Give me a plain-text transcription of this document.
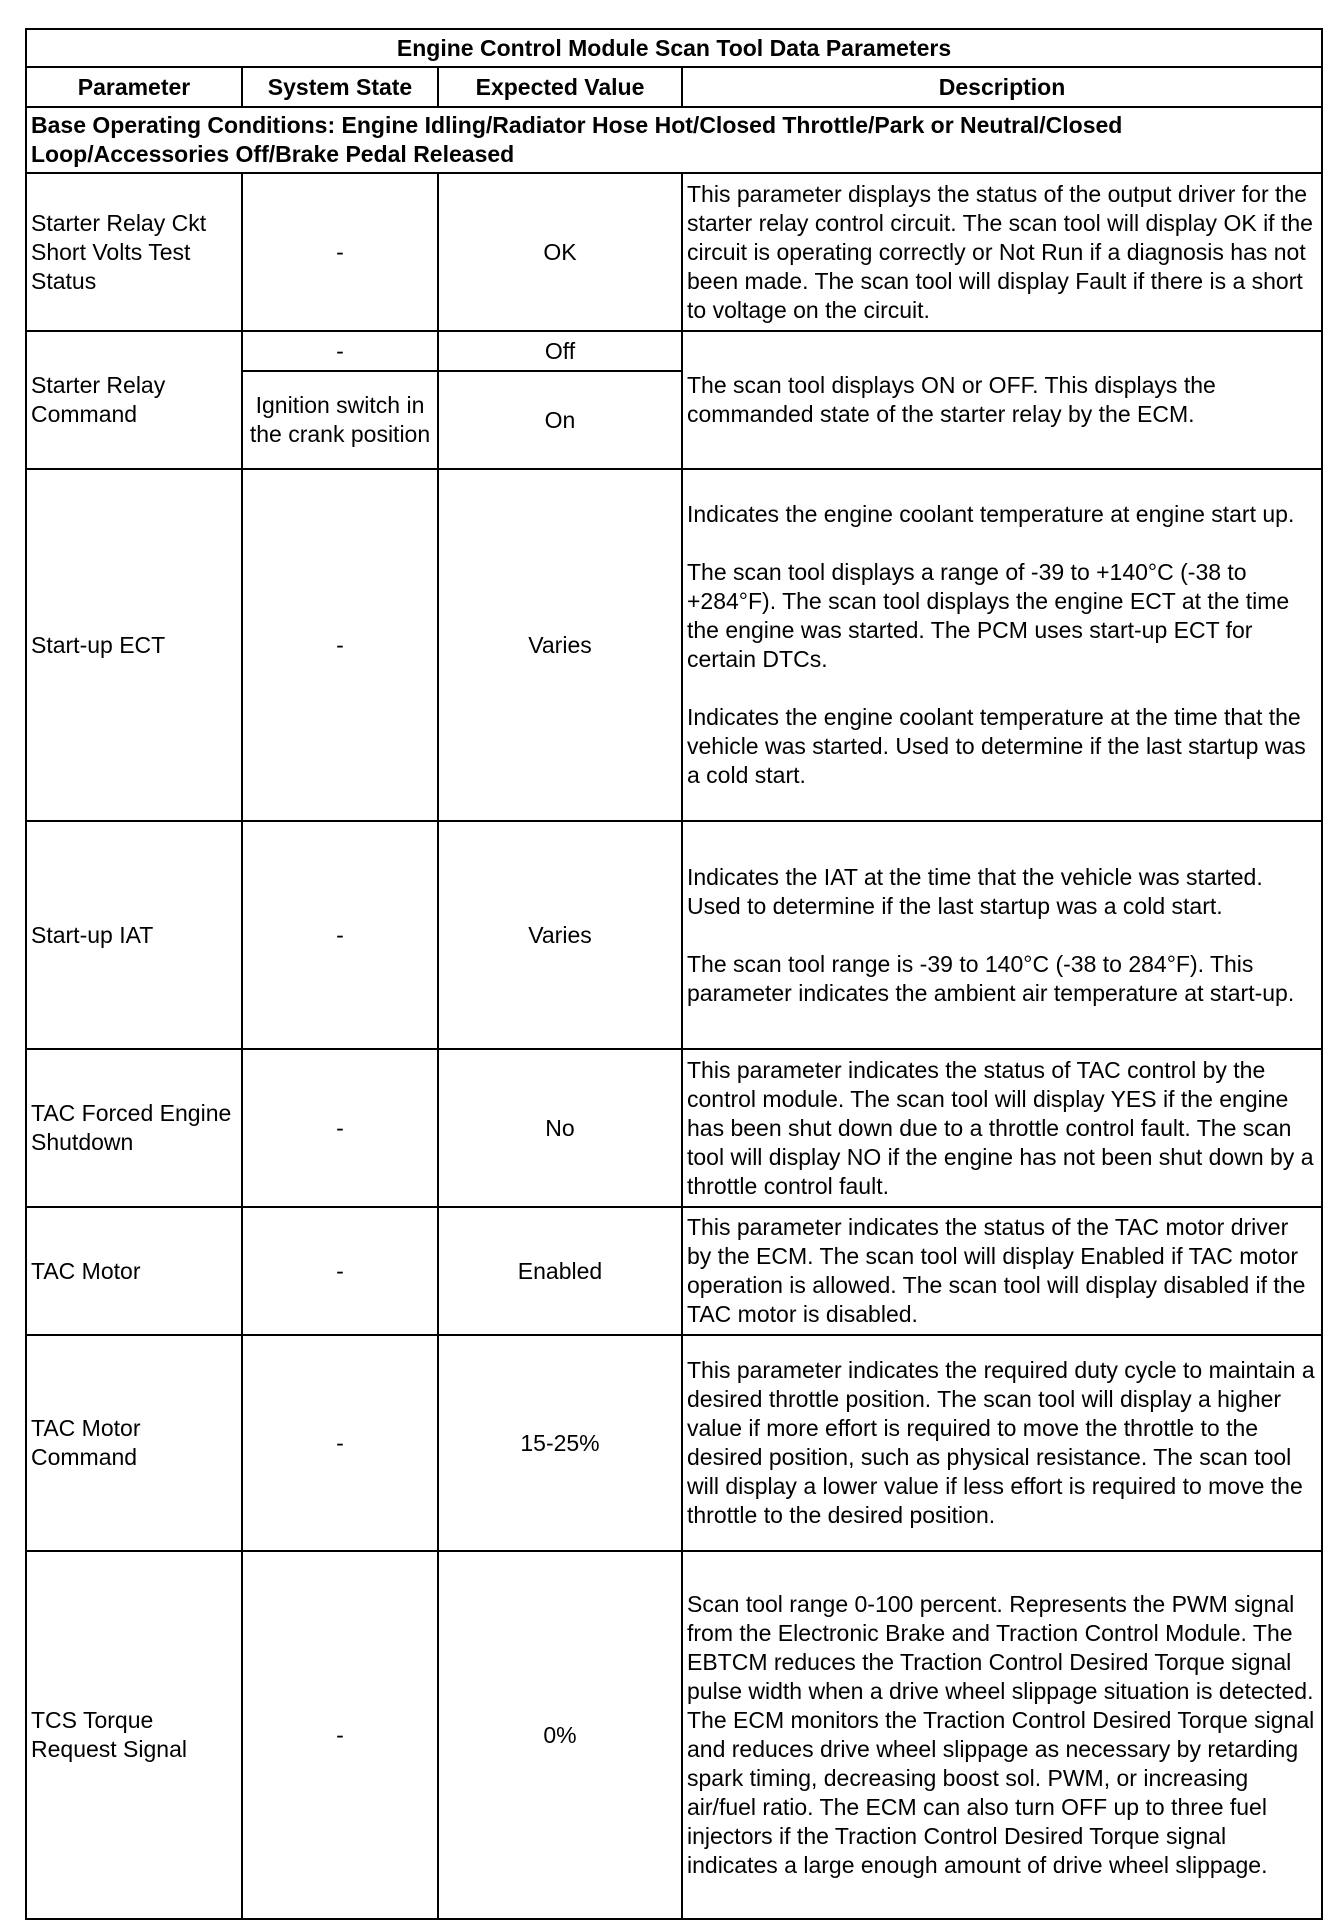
Engine Control Module Scan Tool Data Parameters			
Parameter	System State	Expected Value	Description
Base Operating Conditions: Engine Idling/Radiator Hose Hot/Closed Throttle/Park or Neutral/Closed Loop/Accessories Off/Brake Pedal Released			
Starter Relay Ckt Short Volts Test Status	-	OK	This parameter displays the status of the output driver for the starter relay control circuit. The scan tool will display OK if the circuit is operating correctly or Not Run if a diagnosis has not been made. The scan tool will display Fault if there is a short to voltage on the circuit.

Starter Relay Command	-	Off	The scan tool displays ON or OFF. This displays the commanded state of the starter relay by the ECM.

	Ignition switch in the crank position	On	
Start-up ECT	-	Varies	Indicates the engine coolant temperature at engine start up.

The scan tool displays a range of -39 to +140°C (-38 to +284°F). The scan tool displays the engine ECT at the time the engine was started. The PCM uses start-up ECT for certain DTCs.

Indicates the engine coolant temperature at the time that the vehicle was started. Used to determine if the last startup was a cold start.

Start-up IAT	-	Varies	Indicates the IAT at the time that the vehicle was started. Used to determine if the last startup was a cold start.

The scan tool range is -39 to 140°C (-38 to 284°F). This parameter indicates the ambient air temperature at start-up.

TAC Forced Engine Shutdown	-	No	This parameter indicates the status of TAC control by the control module. The scan tool will display YES if the engine has been shut down due to a throttle control fault. The scan tool will display NO if the engine has not been shut down by a throttle control fault.

TAC Motor	-	Enabled	This parameter indicates the status of the TAC motor driver by the ECM. The scan tool will display Enabled if TAC motor operation is allowed. The scan tool will display disabled if the TAC motor is disabled.

TAC Motor Command	-	15-25%	This parameter indicates the required duty cycle to maintain a desired throttle position. The scan tool will display a higher value if more effort is required to move the throttle to the desired position, such as physical resistance. The scan tool will display a lower value if less effort is required to move the throttle to the desired position.

TCS Torque Request Signal	-	0%	Scan tool range 0-100 percent. Represents the PWM signal from the Electronic Brake and Traction Control Module. The EBTCM reduces the Traction Control Desired Torque signal pulse width when a drive wheel slippage situation is detected. The ECM monitors the Traction Control Desired Torque signal and reduces drive wheel slippage as necessary by retarding spark timing, decreasing boost sol. PWM, or increasing air/fuel ratio. The ECM can also turn OFF up to three fuel injectors if the Traction Control Desired Torque signal indicates a large enough amount of drive wheel slippage.
